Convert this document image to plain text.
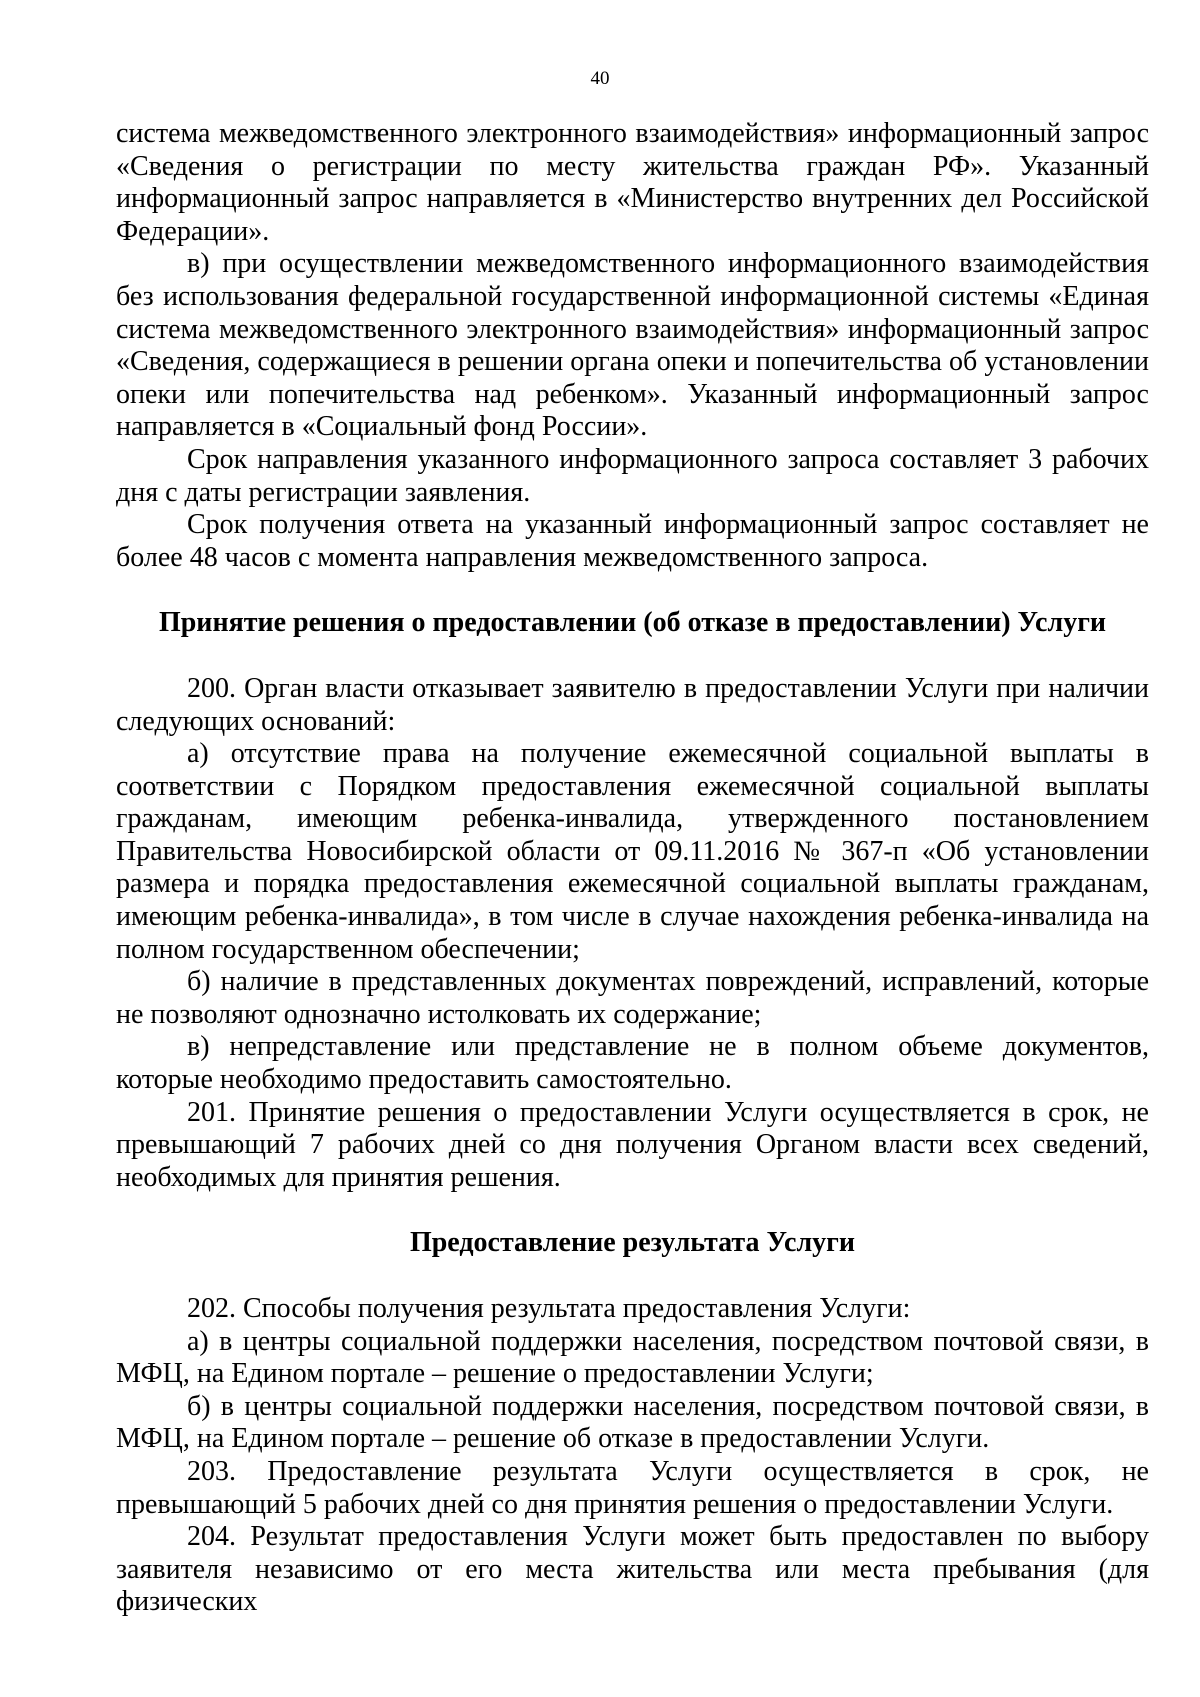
40

система межведомственного электронного взаимодействия» информационный запрос «Сведения о регистрации по месту жительства граждан РФ». Указанный информационный запрос направляется в «Министерство внутренних дел Российской Федерации».

в) при осуществлении межведомственного информационного взаимодействия без использования федеральной государственной информационной системы «Единая система межведомственного электронного взаимодействия» информационный запрос «Сведения, содержащиеся в решении органа опеки и попечительства об установлении опеки или попечительства над ребенком». Указанный информационный запрос направляется в «Социальный фонд России».

Срок направления указанного информационного запроса составляет 3 рабочих дня с даты регистрации заявления.

Срок получения ответа на указанный информационный запрос составляет не более 48 часов с момента направления межведомственного запроса.

Принятие решения о предоставлении (об отказе в предоставлении) Услуги

200. Орган власти отказывает заявителю в предоставлении Услуги при наличии следующих оснований:

а) отсутствие права на получение ежемесячной социальной выплаты в соответствии с Порядком предоставления ежемесячной социальной выплаты гражданам, имеющим ребенка-инвалида, утвержденного постановлением Правительства Новосибирской области от 09.11.2016 № 367-п «Об установлении размера и порядка предоставления ежемесячной социальной выплаты гражданам, имеющим ребенка-инвалида», в том числе в случае нахождения ребенка-инвалида на полном государственном обеспечении;

б) наличие в представленных документах повреждений, исправлений, которые не позволяют однозначно истолковать их содержание;

в) непредставление или представление не в полном объеме документов, которые необходимо предоставить самостоятельно.

201. Принятие решения о предоставлении Услуги осуществляется в срок, не превышающий 7 рабочих дней со дня получения Органом власти всех сведений, необходимых для принятия решения.

Предоставление результата Услуги

202. Способы получения результата предоставления Услуги:

а) в центры социальной поддержки населения, посредством почтовой связи, в МФЦ, на Едином портале – решение о предоставлении Услуги;

б) в центры социальной поддержки населения, посредством почтовой связи, в МФЦ, на Едином портале – решение об отказе в предоставлении Услуги.

203. Предоставление результата Услуги осуществляется в срок, не превышающий 5 рабочих дней со дня принятия решения о предоставлении Услуги.

204. Результат предоставления Услуги может быть предоставлен по выбору заявителя независимо от его места жительства или места пребывания (для физических
